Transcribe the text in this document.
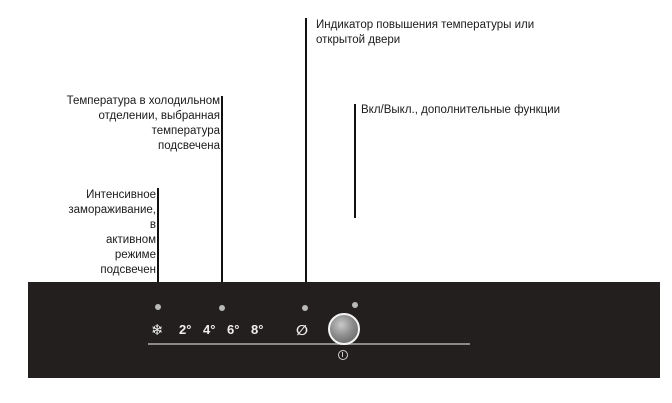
Интенсивное
замораживание, в
активном режиме
подсвечен
Температура в холодильном
отделении, выбранная температура
подсвечена
Индикатор повышения температуры или
открытой двери
Вкл/Выкл., дополнительные функции
❄ 2° 4° 6° 8° ∅
